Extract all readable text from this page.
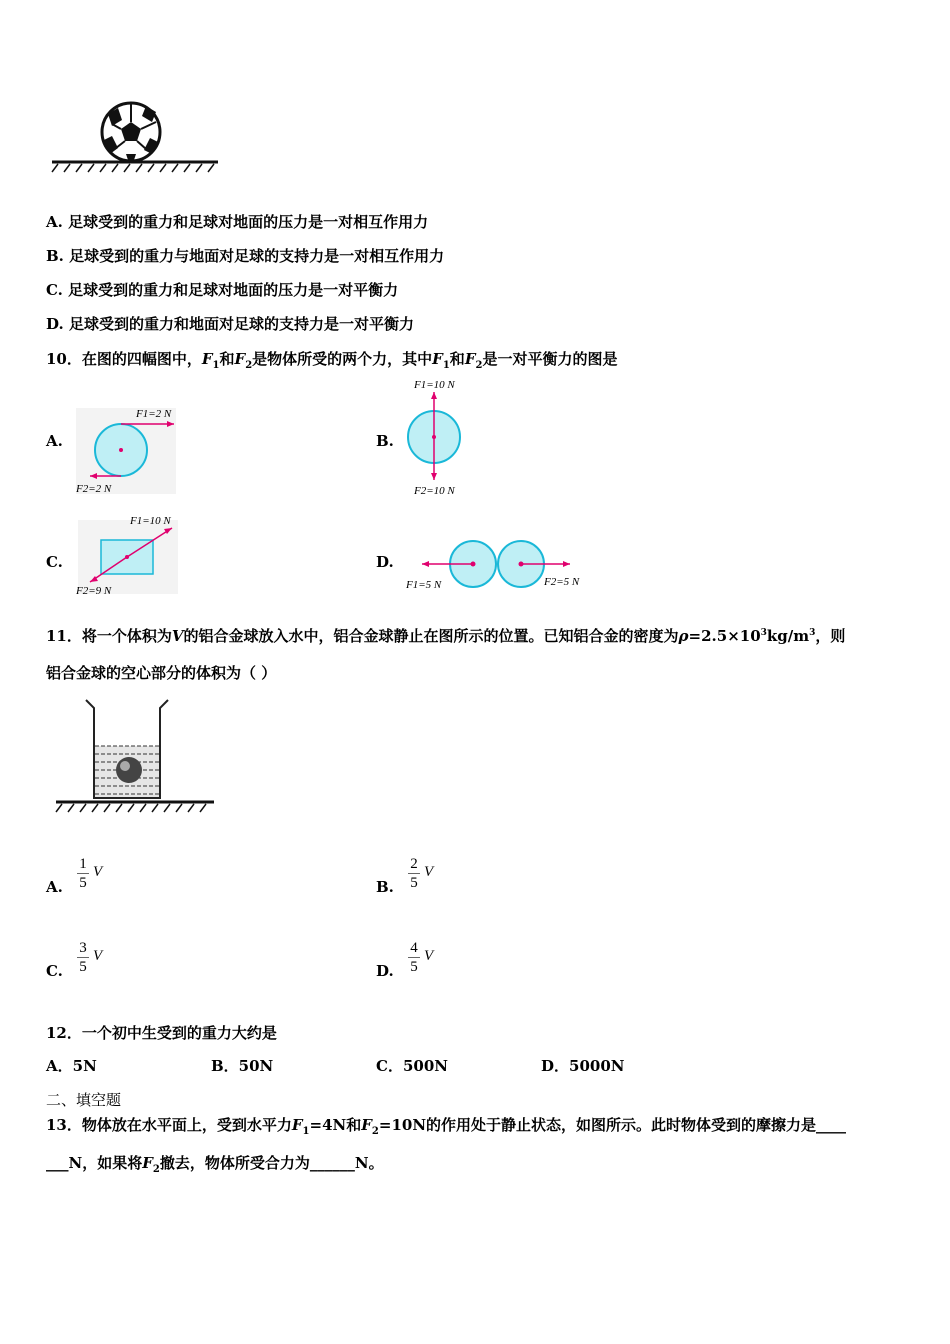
A. 足球受到的重力和足球对地面的压力是一对相互作用力
B. 足球受到的重力与地面对足球的支持力是一对相互作用力
C. 足球受到的重力和足球对地面的压力是一对平衡力
D. 足球受到的重力和地面对足球的支持力是一对平衡力
10．在图的四幅图中，$F_1$和$F_2$是物体所受的两个力，其中$F_1$和$F_2$是一对平衡力的图是
A.
F1=2 N
F2=2 N
B.
F1=10 N
F2=10 N
C.
F1=10 N
F2=9 N
D.
F1=5 N	F2=5 N
11．将一个体积为V的铝合金球放入水中，铝合金球静止在图所示的位置。已知铝合金的密度为$\rho=2.5\times 10^3kg/m^3$，则
铝合金球的空心部分的体积为（ ）
A.
1
5
V
B.
2
5
V
C.
3
5
V
D.
4
5
V
12．一个初中生受到的重力大约是
A．5N	B．50N	C．500N	D．5000N
二、填空题
13．物体放在水平面上，受到水平力$F_1=4N$和$F_2=10N$的作用处于静止状态，如图所示。此时物体受到的摩擦力是____
___N，如果将$F_2$撤去，物体所受合力为______N。
